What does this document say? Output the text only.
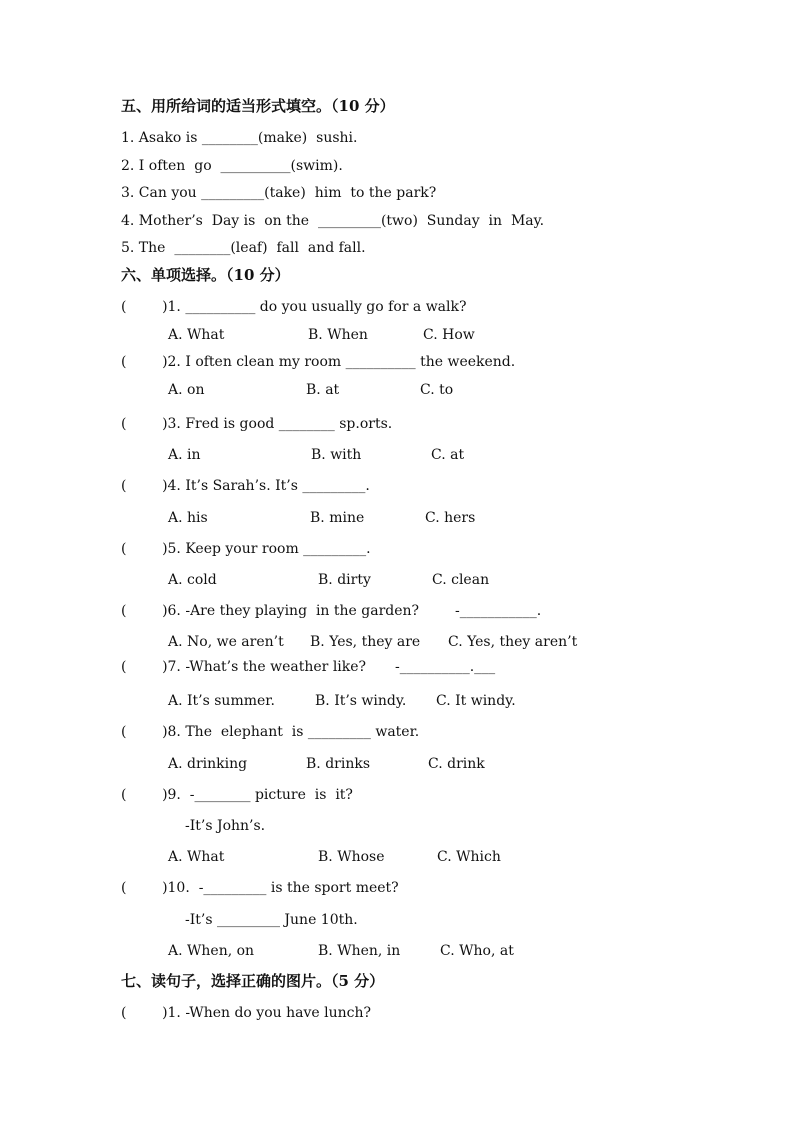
五、用所给词的适当形式填空。（10 分）
1. Asako is ________(make)  sushi.
2. I often  go  __________(swim).
3. Can you _________(take)  him  to the park?
4. Mother’s  Day is  on the  _________(two)  Sunday  in  May.
5. The  ________(leaf)  fall  and fall.
六、单项选择。（10 分）
(        )1. __________ do you usually go for a walk?
A. What	B. When	C. How
(        )2. I often clean my room __________ the weekend.
A. on	B. at	C. to
(        )3. Fred is good ________ sp.orts.
A. in	B. with	C. at
(        )4. It’s Sarah’s. It’s _________.
A. his	B. mine	C. hers
(        )5. Keep your room _________.
A. cold	B. dirty	C. clean
(        )6. -Are they playing  in the garden?	-___________.
A. No, we aren’t B. Yes, they are C. Yes, they aren’t
(        )7. -What’s the weather like? -__________.___
A. It’s summer.	B. It’s windy. C. It windy.
(        )8. The  elephant  is _________ water.
A. drinking	B. drinks	C. drink
(        )9.  -________ picture  is  it?
-It’s John’s.
A. What	B. Whose	C. Which
(        )10.  -_________ is the sport meet?
-It’s _________ June 10th.
A. When, on	B. When, in	C. Who, at
七、读句子，选择正确的图片。（5 分）
(        )1. -When do you have lunch?
